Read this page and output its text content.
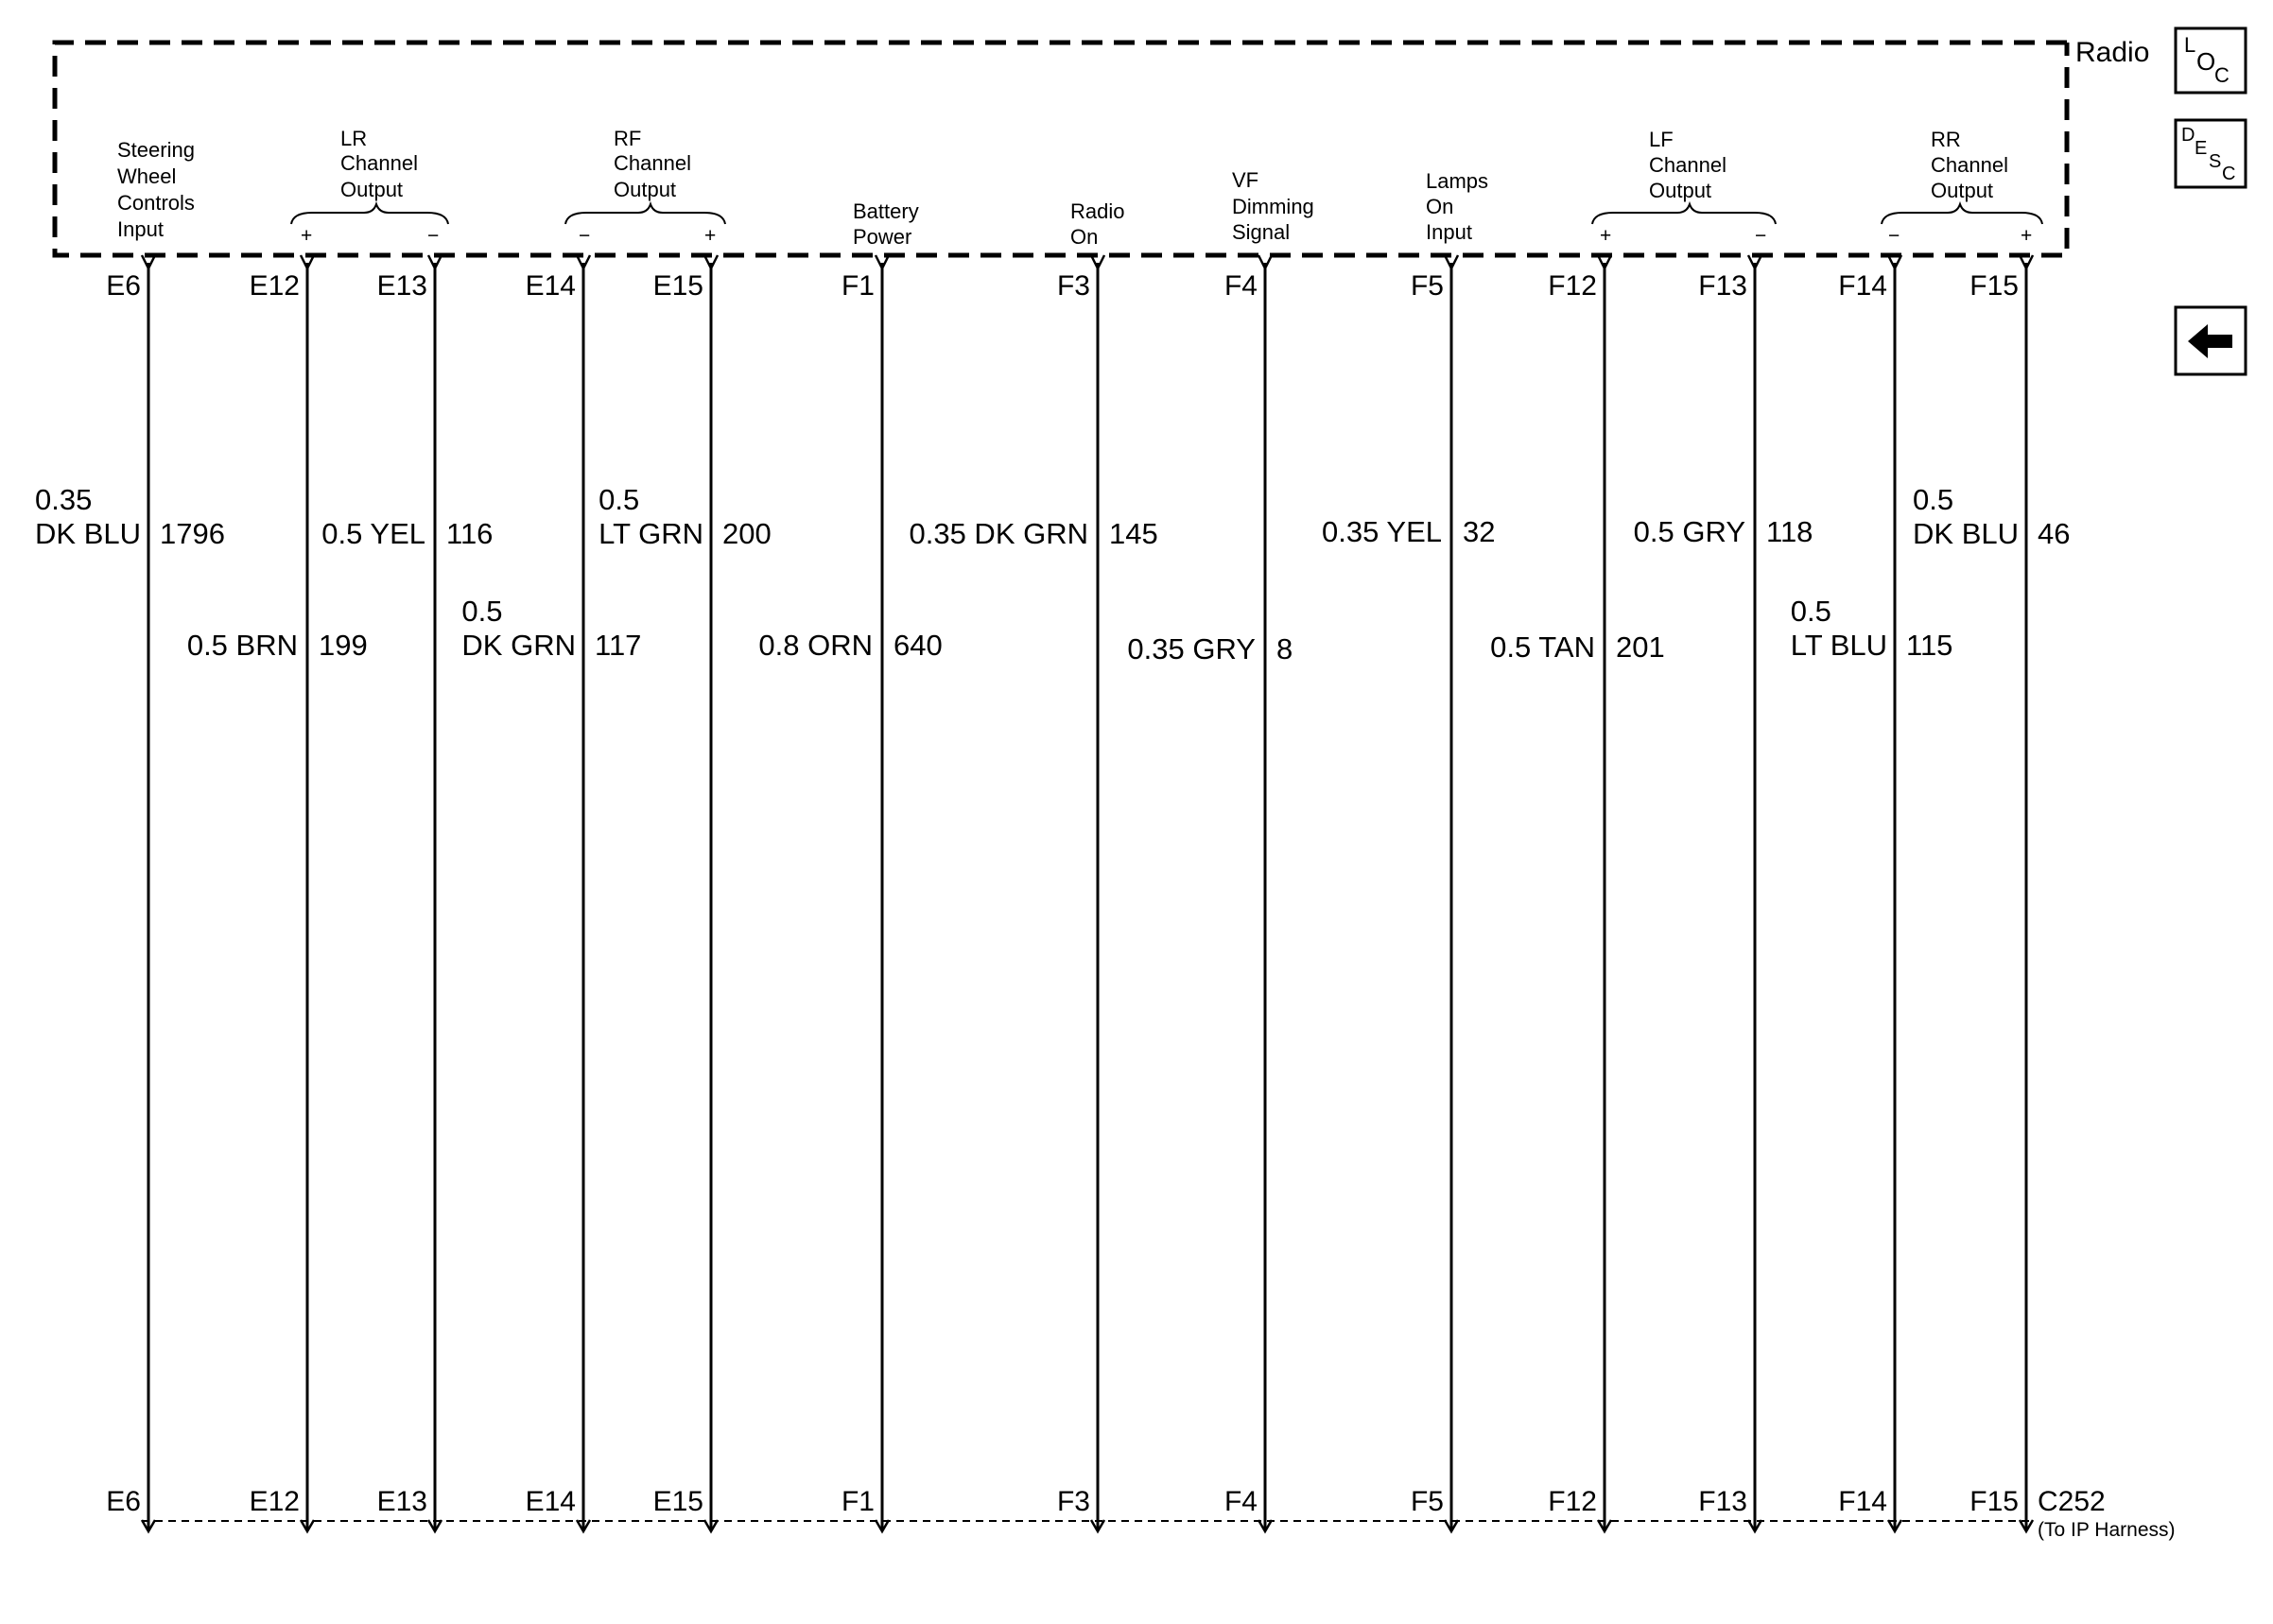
Radio
Steering
Wheel
Controls
Input
LR
Channel
Output
+	−
RF
Channel
Output
−	+
Battery
Power
Radio
On
VF
Dimming
Signal
Lamps
On
Input
LF
Channel
Output
+	−
RR
Channel
Output
−	+
E6
E6
0.35
DK BLU 1796
E12
E12
0.5 BRN 199
E13
E13
0.5 YEL 116
E14
E14
0.5
DK GRN 117
E15
E15
0.5
LT GRN 200
F1
F1
0.8 ORN 640
F3
F3
0.35 DK GRN 145
F4
F4
0.35 GRY 8
F5
F5
0.35 YEL 32
F12
F12
0.5 TAN 201
F13
F13
0.5 GRY 118
F14
F14
0.5
LT BLU 115
F15
F15
0.5
DK BLU 46
C252
(To IP Harness)
L
O
C
D
E
S
C
